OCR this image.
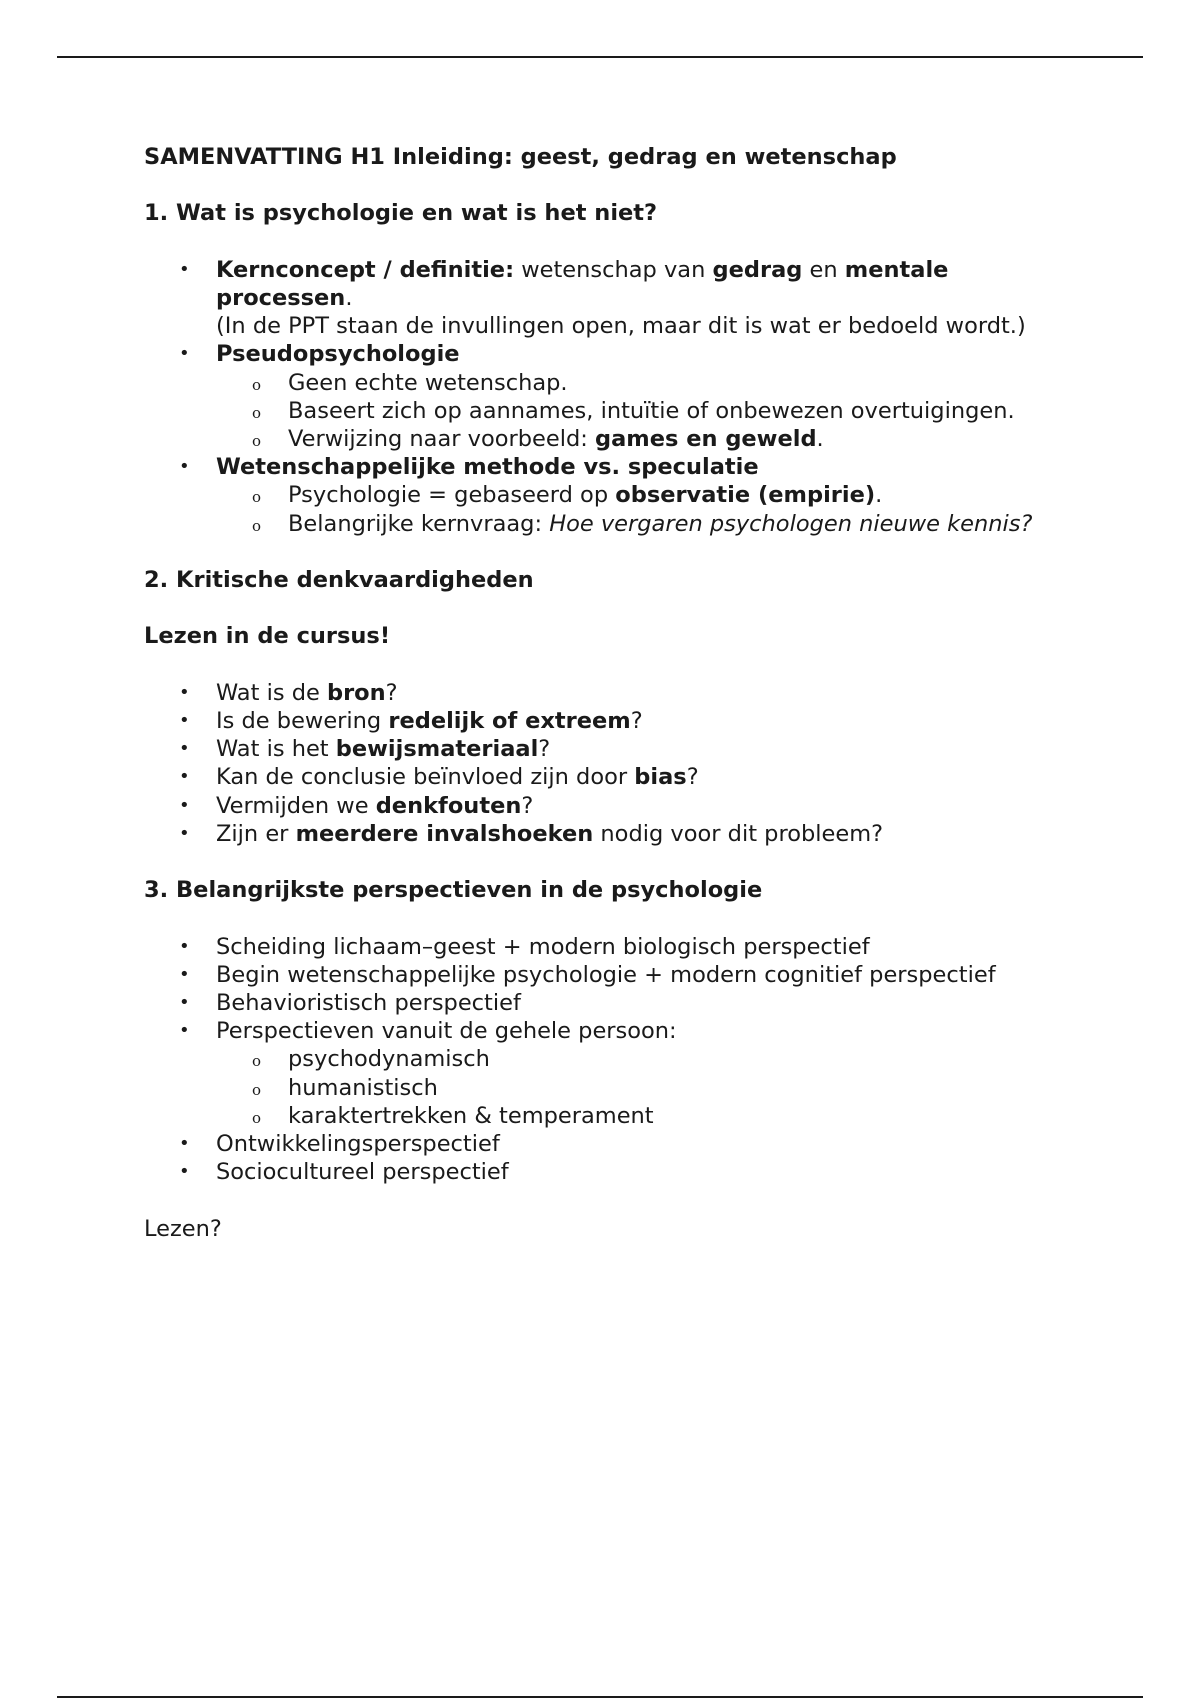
SAMENVATTING H1 Inleiding: geest, gedrag en wetenschap

1. Wat is psychologie en wat is het niet?

• Kernconcept / definitie: wetenschap van gedrag en mentale processen.
(In de PPT staan de invullingen open, maar dit is wat er bedoeld wordt.)
• Pseudopsychologie
o Geen echte wetenschap.
o Baseert zich op aannames, intuïtie of onbewezen overtuigingen.
o Verwijzing naar voorbeeld: games en geweld.
• Wetenschappelijke methode vs. speculatie
o Psychologie = gebaseerd op observatie (empirie).
o Belangrijke kernvraag: Hoe vergaren psychologen nieuwe kennis?

2. Kritische denkvaardigheden

Lezen in de cursus!

• Wat is de bron?
• Is de bewering redelijk of extreem?
• Wat is het bewijsmateriaal?
• Kan de conclusie beïnvloed zijn door bias?
• Vermijden we denkfouten?
• Zijn er meerdere invalshoeken nodig voor dit probleem?

3. Belangrijkste perspectieven in de psychologie

• Scheiding lichaam–geest + modern biologisch perspectief
• Begin wetenschappelijke psychologie + modern cognitief perspectief
• Behavioristisch perspectief
• Perspectieven vanuit de gehele persoon:
o psychodynamisch
o humanistisch
o karaktertrekken & temperament
• Ontwikkelingsperspectief
• Sociocultureel perspectief

Lezen?
